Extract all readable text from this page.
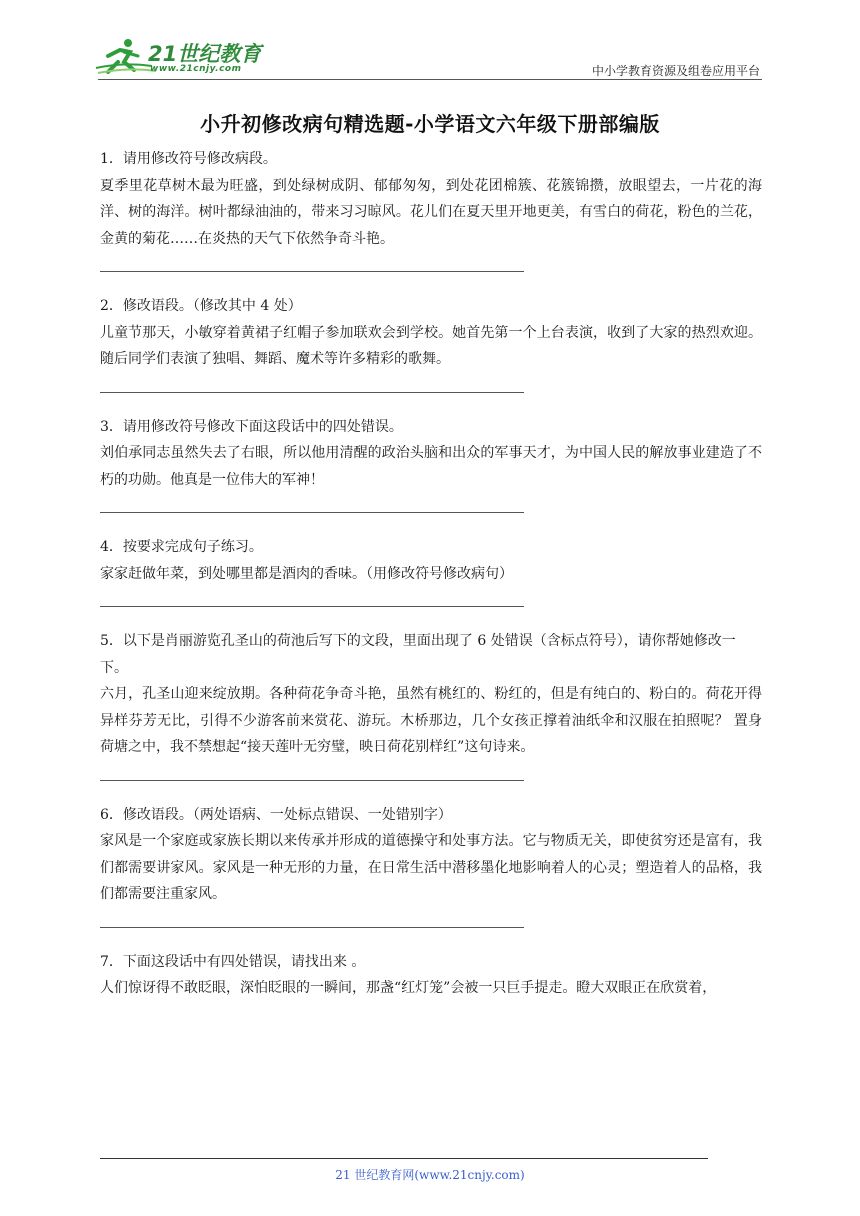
21世纪教育
www.21cnjy.com	中小学教育资源及组卷应用平台
小升初修改病句精选题-小学语文六年级下册部编版

1．请用修改符号修改病段。

夏季里花草树木最为旺盛，到处绿树成阴、郁郁匆匆，到处花团棉簇、花簇锦攒，放眼望去，一片花的海洋、树的海洋。树叶都绿油油的，带来习习晾风。花儿们在夏天里开地更美，有雪白的荷花，粉色的兰花，金黄的菊花……在炎热的天气下依然争奇斗艳。

2．修改语段。（修改其中 4 处）

儿童节那天，小敏穿着黄裙子红帽子参加联欢会到学校。她首先第一个上台表演，收到了大家的热烈欢迎。随后同学们表演了独唱、舞蹈、魔术等许多精彩的歌舞。

3．请用修改符号修改下面这段话中的四处错误。

刘伯承同志虽然失去了右眼，所以他用清醒的政治头脑和出众的军事天才，为中国人民的解放事业建造了不朽的功勋。他真是一位伟大的军神！

4．按要求完成句子练习。

家家赶做年菜，到处哪里都是酒肉的香味。（用修改符号修改病句）

5．以下是肖丽游览孔圣山的荷池后写下的文段，里面出现了 6 处错误（含标点符号），请你帮她修改一下。

六月，孔圣山迎来绽放期。各种荷花争奇斗艳，虽然有桃红的、粉红的，但是有纯白的、粉白的。荷花开得异样芬芳无比，引得不少游客前来赏花、游玩。木桥那边，几个女孩正撑着油纸伞和汉服在拍照呢？ 置身荷塘之中，我不禁想起“接天莲叶无穷璧，映日荷花别样红”这句诗来。

6．修改语段。（两处语病、一处标点错误、一处错别字）

家风是一个家庭或家族长期以来传承并形成的道德操守和处事方法。它与物质无关，即使贫穷还是富有，我们都需要讲家风。家风是一种无形的力量，在日常生活中潜移墨化地影响着人的心灵；塑造着人的品格，我们都需要注重家风。

7．下面这段话中有四处错误，请找出来 。

人们惊讶得不敢眨眼，深怕眨眼的一瞬间，那盏“红灯笼”会被一只巨手提走。瞪大双眼正在欣赏着，

21 世纪教育网(www.21cnjy.com)
